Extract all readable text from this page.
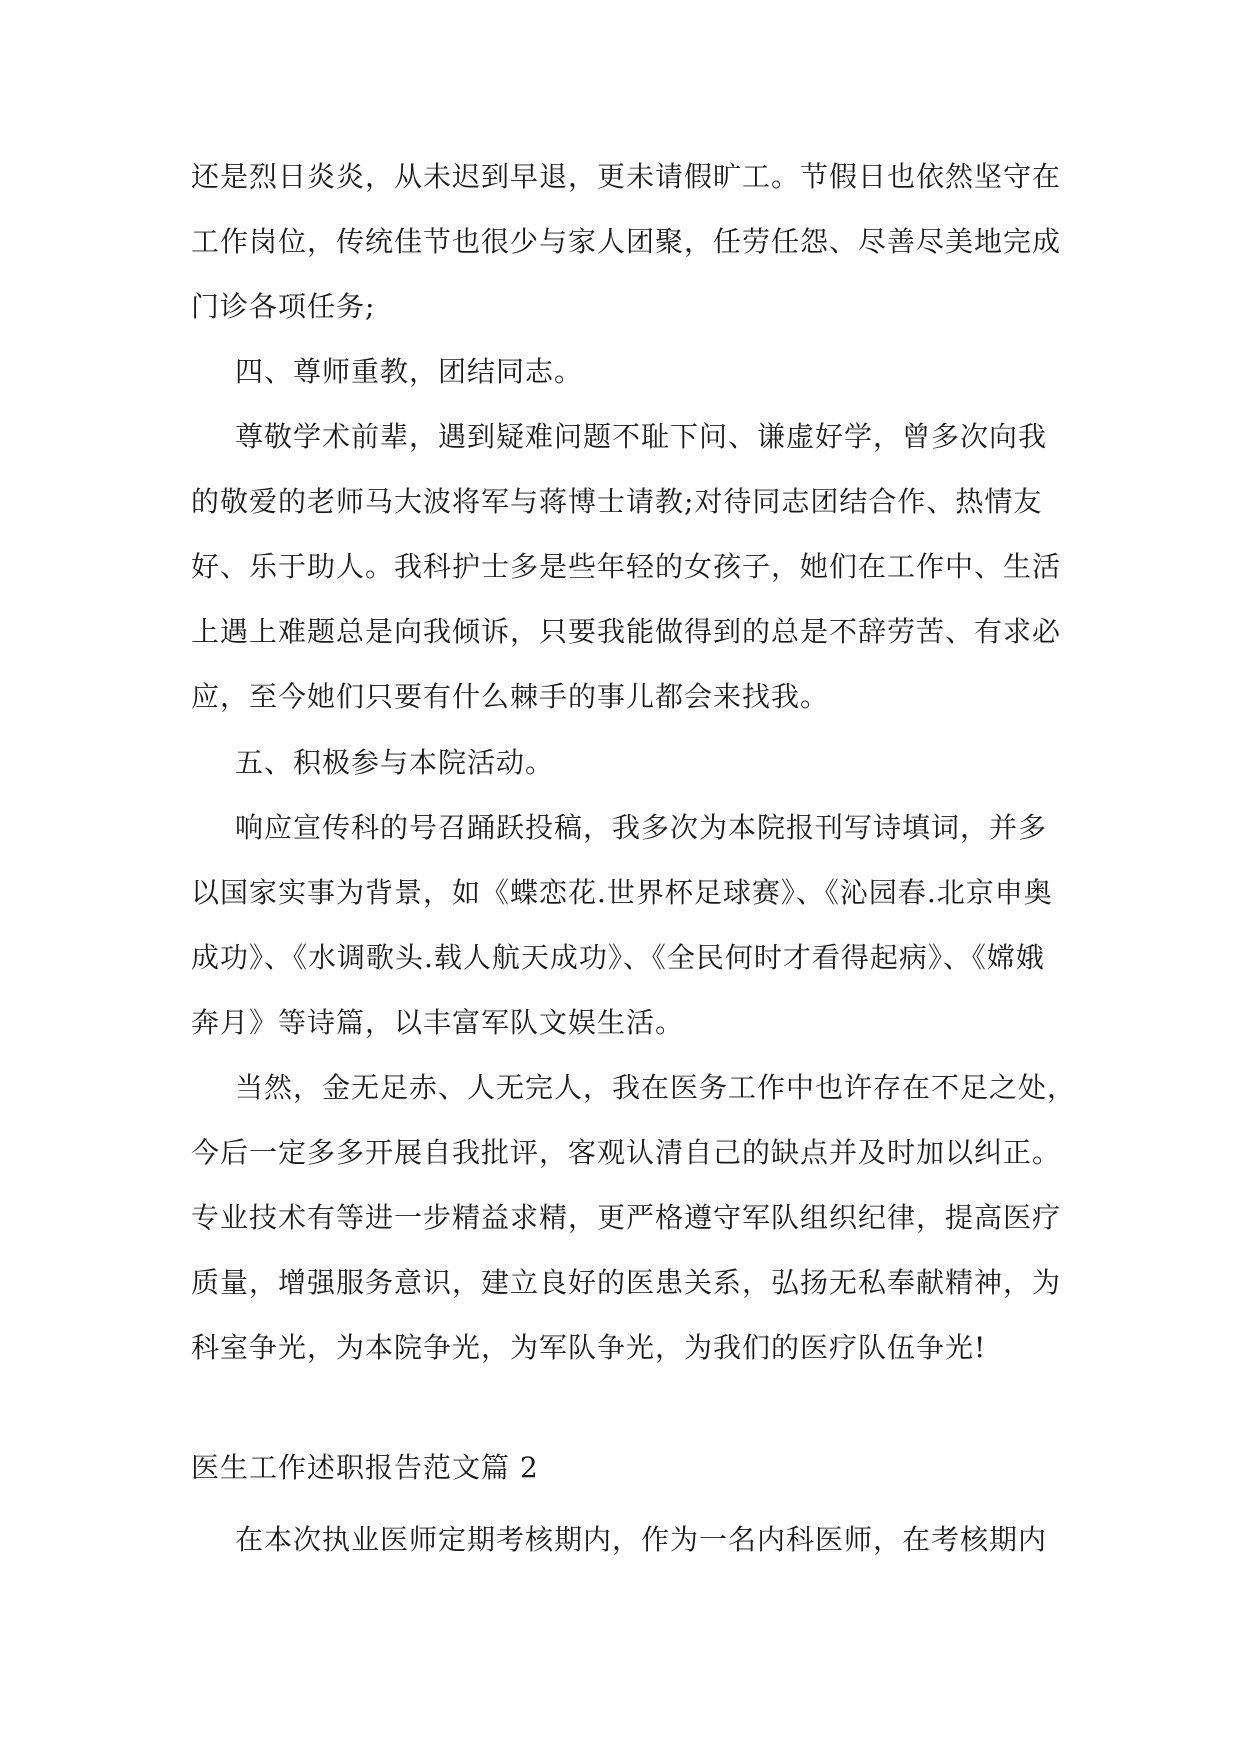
还是烈日炎炎，从未迟到早退，更未请假旷工。节假日也依然坚守在
工作岗位，传统佳节也很少与家人团聚，任劳任怨、尽善尽美地完成
门诊各项任务;
四、尊师重教，团结同志。
尊敬学术前辈，遇到疑难问题不耻下问、谦虚好学，曾多次向我
的敬爱的老师马大波将军与蒋博士请教;对待同志团结合作、热情友
好、乐于助人。我科护士多是些年轻的女孩子，她们在工作中、生活
上遇上难题总是向我倾诉，只要我能做得到的总是不辞劳苦、有求必
应，至今她们只要有什么棘手的事儿都会来找我。
五、积极参与本院活动。
响应宣传科的号召踊跃投稿，我多次为本院报刊写诗填词，并多
以国家实事为背景，如《蝶恋花.世界杯足球赛》、《沁园春.北京申奥
成功》、《水调歌头.载人航天成功》、《全民何时才看得起病》、《嫦娥
奔月》等诗篇，以丰富军队文娱生活。
当然，金无足赤、人无完人，我在医务工作中也许存在不足之处，
今后一定多多开展自我批评，客观认清自己的缺点并及时加以纠正。
专业技术有等进一步精益求精，更严格遵守军队组织纪律，提高医疗
质量，增强服务意识，建立良好的医患关系，弘扬无私奉献精神，为
科室争光，为本院争光，为军队争光，为我们的医疗队伍争光!
医生工作述职报告范文篇 2
在本次执业医师定期考核期内，作为一名内科医师，在考核期内
